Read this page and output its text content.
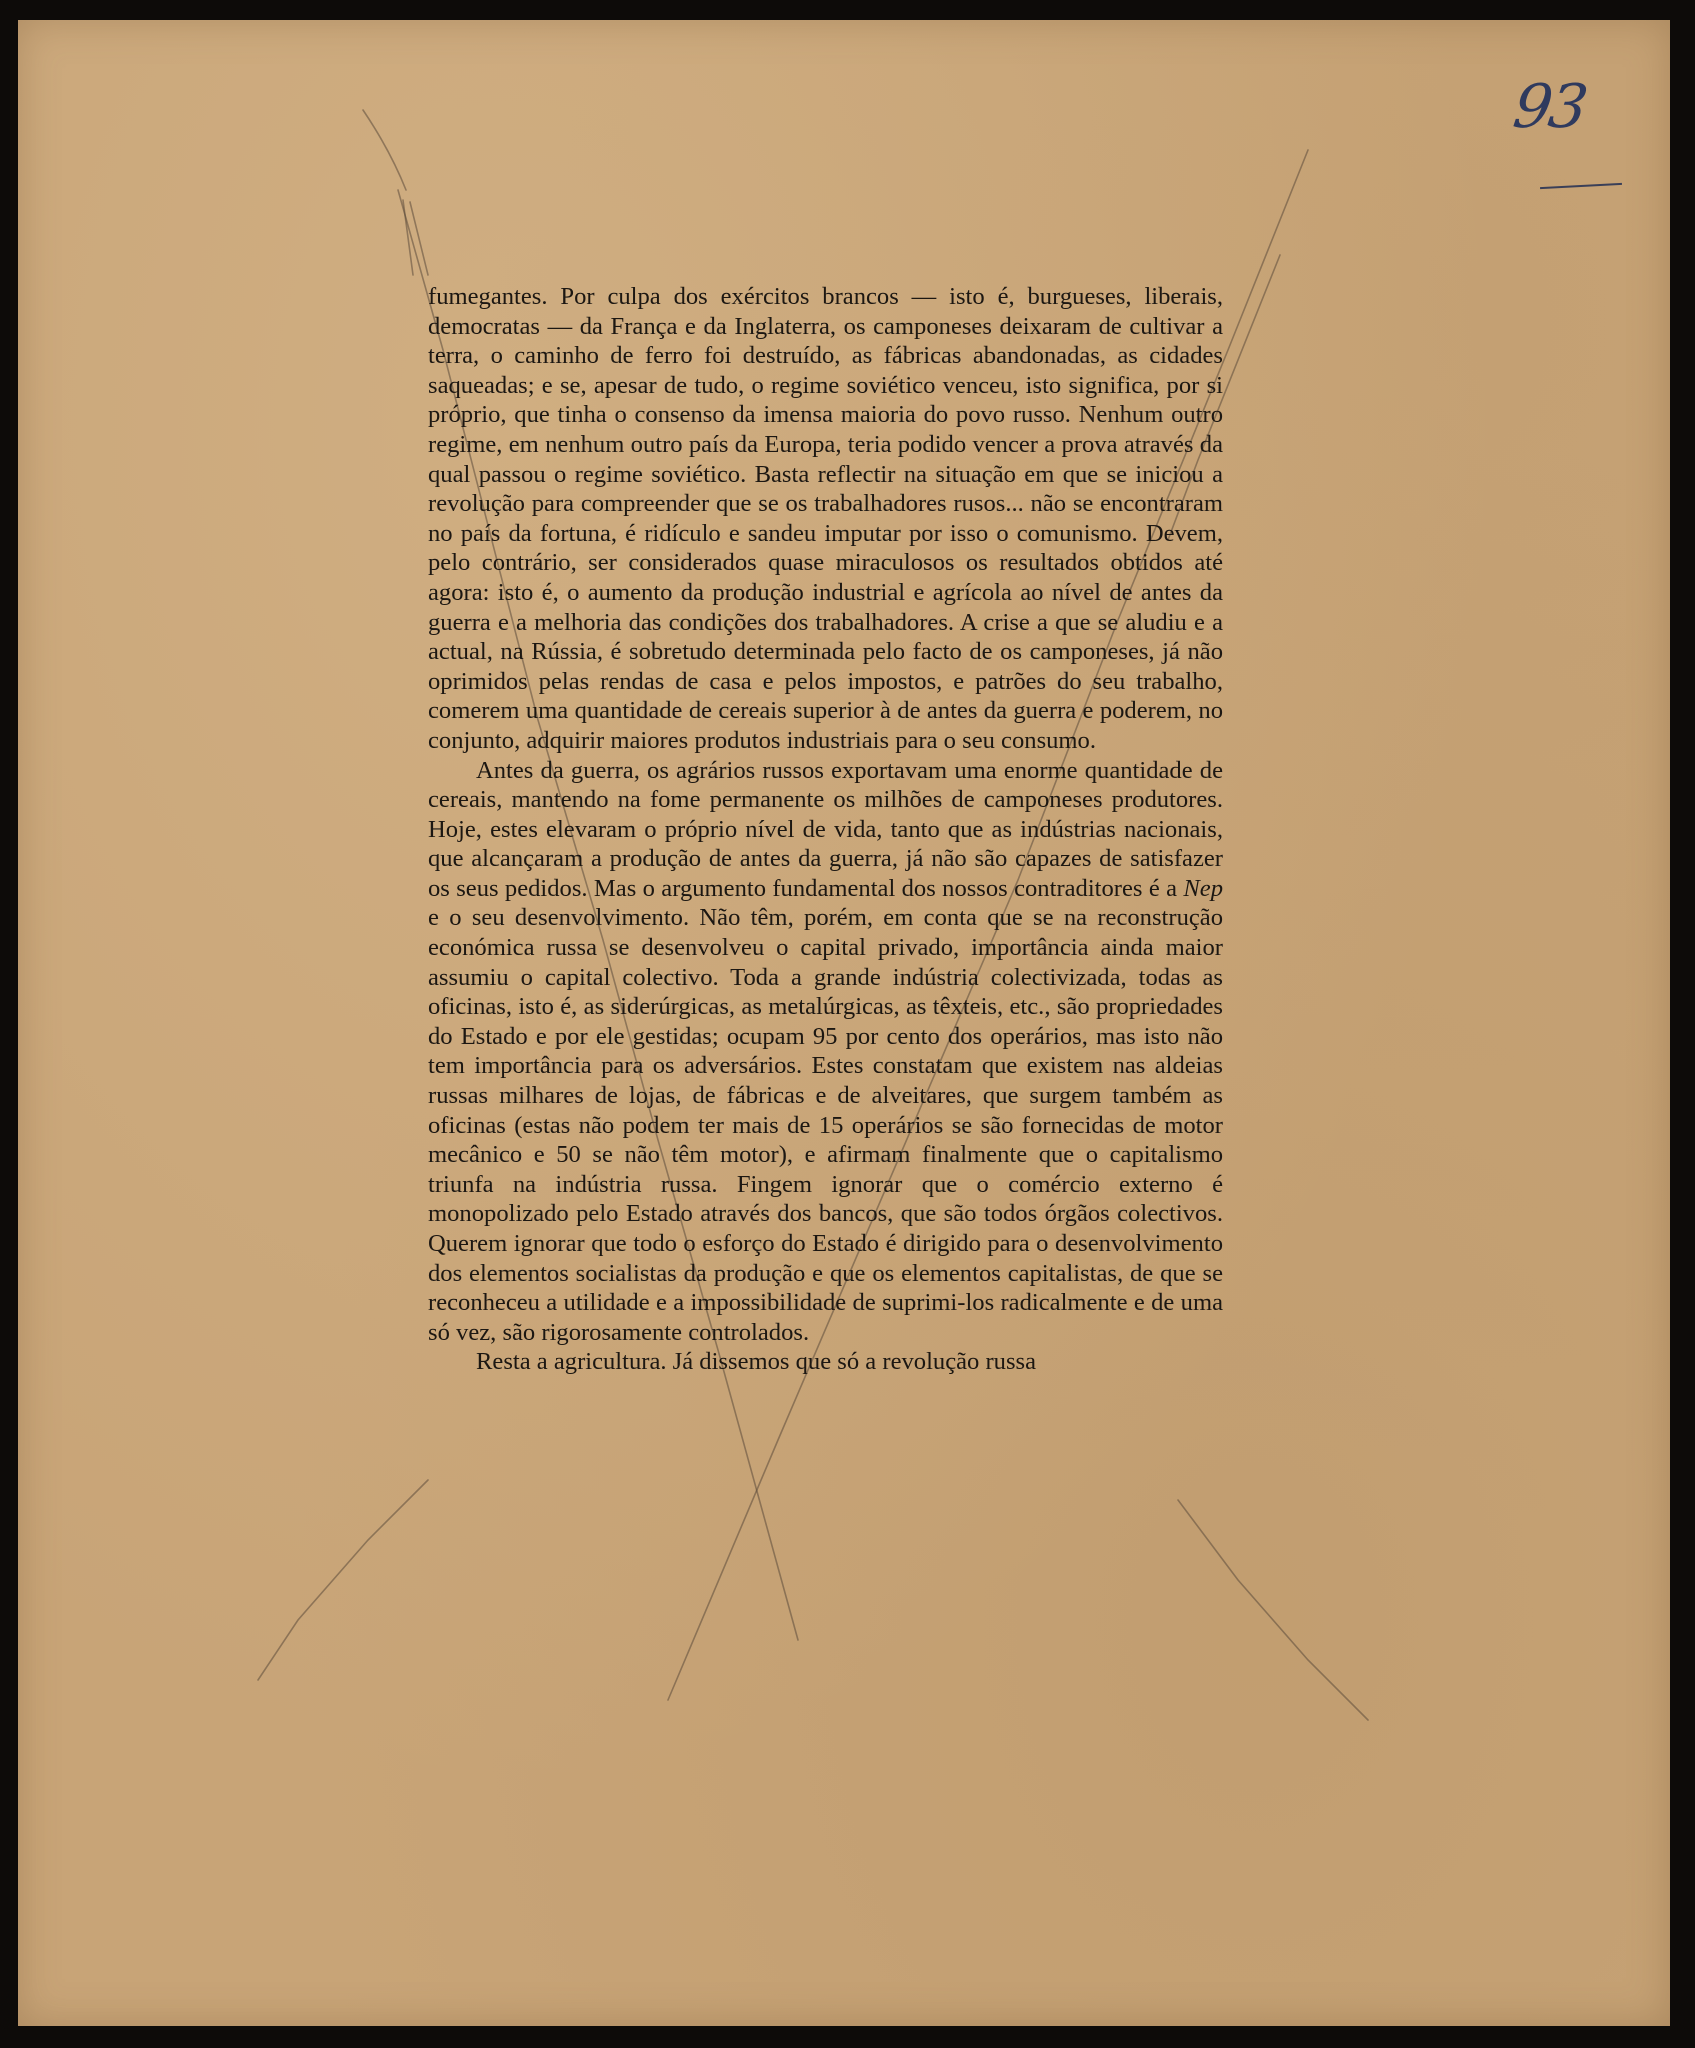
93

fumegantes. Por culpa dos exércitos brancos — isto é, burgueses, liberais, democratas — da França e da Inglaterra, os camponeses deixaram de cultivar a terra, o caminho de ferro foi destruído, as fábricas abandonadas, as cidades saqueadas; e se, apesar de tudo, o regime soviético venceu, isto significa, por si próprio, que tinha o consenso da imensa maioria do povo russo. Nenhum outro regime, em nenhum outro país da Europa, teria podido vencer a prova através da qual passou o regime soviético. Basta reflectir na situação em que se iniciou a revolução para compreender que se os trabalhadores rusos... não se encontraram no país da fortuna, é ridículo e sandeu imputar por isso o comunismo. Devem, pelo contrário, ser considerados quase miraculosos os resultados obtidos até agora: isto é, o aumento da produção industrial e agrícola ao nível de antes da guerra e a melhoria das condições dos trabalhadores. A crise a que se aludiu e a actual, na Rússia, é sobretudo determinada pelo facto de os camponeses, já não oprimidos pelas rendas de casa e pelos impostos, e patrões do seu trabalho, comerem uma quantidade de cereais superior à de antes da guerra e poderem, no conjunto, adquirir maiores produtos industriais para o seu consumo.

Antes da guerra, os agrários russos exportavam uma enorme quantidade de cereais, mantendo na fome permanente os milhões de camponeses produtores. Hoje, estes elevaram o próprio nível de vida, tanto que as indústrias nacionais, que alcançaram a produção de antes da guerra, já não são capazes de satisfazer os seus pedidos. Mas o argumento fundamental dos nossos contraditores é a Nep e o seu desenvolvimento. Não têm, porém, em conta que se na reconstrução económica russa se desenvolveu o capital privado, importância ainda maior assumiu o capital colectivo. Toda a grande indústria colectivizada, todas as oficinas, isto é, as siderúrgicas, as metalúrgicas, as têxteis, etc., são propriedades do Estado e por ele gestidas; ocupam 95 por cento dos operários, mas isto não tem importância para os adversários. Estes constatam que existem nas aldeias russas milhares de lojas, de fábricas e de alveitares, que surgem também as oficinas (estas não podem ter mais de 15 operários se são fornecidas de motor mecânico e 50 se não têm motor), e afirmam finalmente que o capitalismo triunfa na indústria russa. Fingem ignorar que o comércio externo é monopolizado pelo Estado através dos bancos, que são todos órgãos colectivos. Querem ignorar que todo o esforço do Estado é dirigido para o desenvolvimento dos elementos socialistas da produção e que os elementos capitalistas, de que se reconheceu a utilidade e a impossibilidade de suprimi-los radicalmente e de uma só vez, são rigorosamente controlados.

Resta a agricultura. Já dissemos que só a revolução russa
